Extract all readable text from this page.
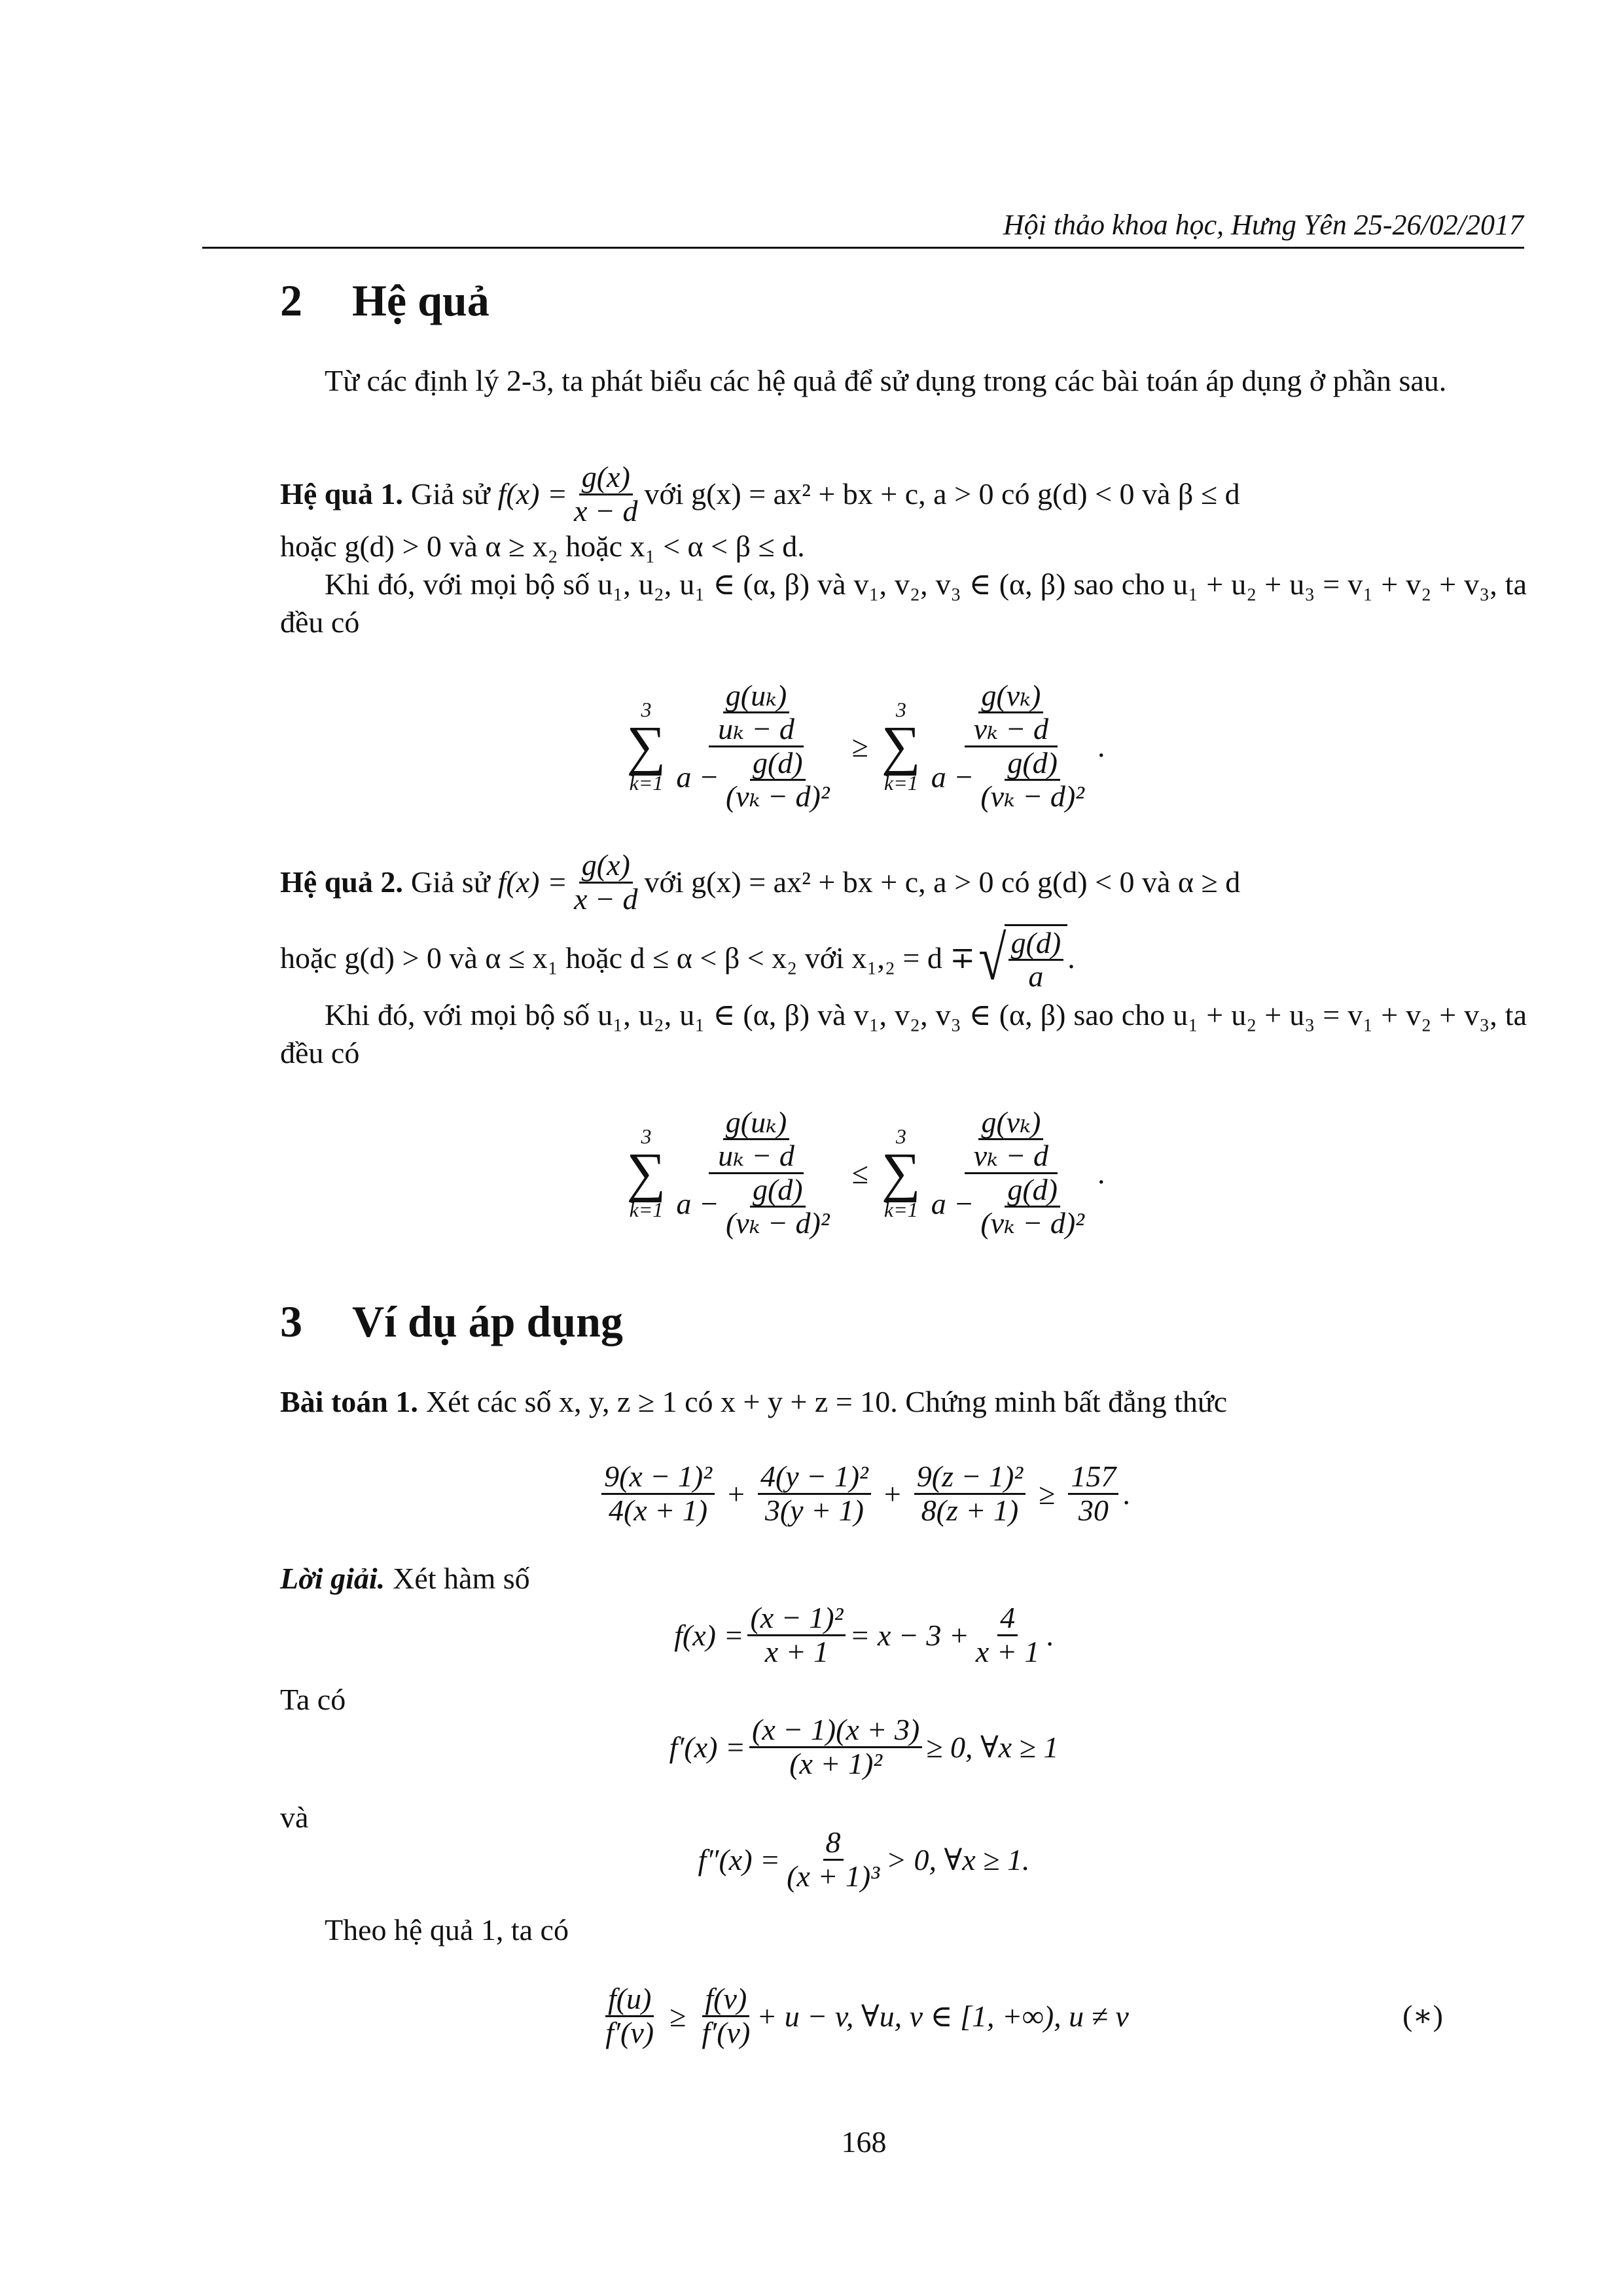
Hội thảo khoa học, Hưng Yên 25-26/02/2017
2 Hệ quả
Từ các định lý 2-3, ta phát biểu các hệ quả để sử dụng trong các bài toán áp dụng ở phần sau.
Hệ quả 1. Giả sử $f(x) = \frac{g(x)}{x - d}$ với g(x) = ax² + bx + c, a > 0 có g(d) < 0 và β ≤ d
hoặc g(d) > 0 và α ≥ x₂ hoặc x₁ < α < β ≤ d.
Khi đó, với mọi bộ số u₁, u₂, u₁ ∈ (α, β) và v₁, v₂, v₃ ∈ (α, β) sao cho u₁ + u₂ + u₃ = v₁ + v₂ + v₃, ta đều có
3
∑
$k=1 \frac{\frac{\text{g(uₖ)}}{\text{uₖ − d}}}{a - \frac{g(d)}{\text{(vₖ − d)²}}}$ ≥
3
∑
$k=1 \frac{\frac{\text{g(vₖ)}}{\text{vₖ − d}}}{a - \frac{g(d)}{\text{(vₖ − d)²}}}$ .
Hệ quả 2. Giả sử $f(x) = \frac{g(x)}{x - d}$ với g(x) = ax² + bx + c, a > 0 có g(d) < 0 và α ≥ d
hoặc g(d) > 0 và α ≤ x₁ hoặc d ≤ α < β < x₂ với x₁,₂ = d ∓ √ $\frac{g(d)}{a}$ .
Khi đó, với mọi bộ số u₁, u₂, u₁ ∈ (α, β) và v₁, v₂, v₃ ∈ (α, β) sao cho u₁ + u₂ + u₃ = v₁ + v₂ + v₃, ta đều có
3
∑
$k=1 \frac{\frac{\text{g(uₖ)}}{\text{uₖ − d}}}{a - \frac{g(d)}{\text{(vₖ − d)²}}}$ ≤
3
∑
$k=1 \frac{\frac{\text{g(vₖ)}}{\text{vₖ − d}}}{a - \frac{g(d)}{\text{(vₖ − d)²}}}$ .
3 Ví dụ áp dụng
Bài toán 1. Xét các số x, y, z ≥ 1 có x + y + z = 10. Chứng minh bất đẳng thức
$\frac{\text{9(x − 1)²}}{4(x + 1)} + \frac{\text{4(y − 1)²}}{3(y + 1)} + \frac{\text{9(z − 1)²}}{8(z + 1)} \ge \frac{157}{30}$ .
Lời giải. Xét hàm số
$f(x) = \frac{\text{(x − 1)²}}{x + 1} = x - 3 + \frac{4}{x + 1}$ .
Ta có
$f'(x) = \frac{(x - 1)(x + 3)}{\text{(x + 1)²}} \ge 0$, ∀x ≥ 1
và
$f''(x) = \frac{8}{\text{(x + 1)³}} > 0$, ∀x ≥ 1.
Theo hệ quả 1, ta có
$\frac{f(u)}{f'(v)} \ge \frac{f(v)}{f'(v)} + u - v$, ∀u, v ∈ [1, +∞), u ≠ v	(∗)
168
